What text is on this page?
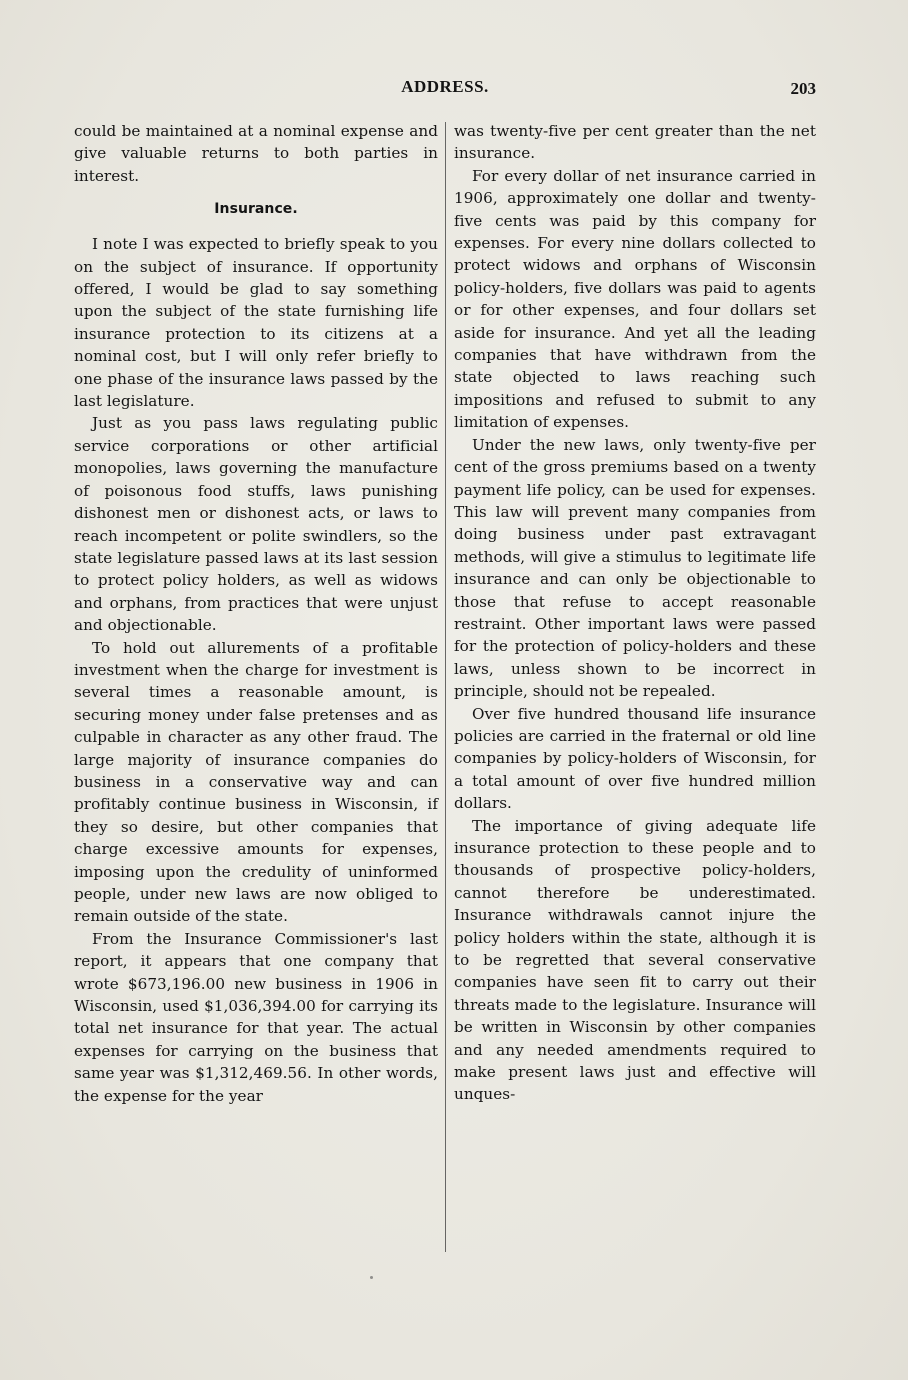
ADDRESS.	203

could be maintained at a nominal expense and give valuable returns to both parties in interest.

Insurance.

I note I was expected to briefly speak to you on the subject of insurance. If opportunity offered, I would be glad to say something upon the subject of the state furnishing life insurance protection to its citizens at a nominal cost, but I will only refer briefly to one phase of the insurance laws passed by the last legislature.

Just as you pass laws regulating public service corporations or other artificial monopolies, laws governing the manufacture of poisonous food stuffs, laws punishing dishonest men or dishonest acts, or laws to reach incompetent or polite swindlers, so the state legislature passed laws at its last session to protect policy holders, as well as widows and orphans, from practices that were unjust and objectionable.

To hold out allurements of a profitable investment when the charge for investment is several times a reasonable amount, is securing money under false pretenses and as culpable in character as any other fraud. The large majority of insurance companies do business in a conservative way and can profitably continue business in Wisconsin, if they so desire, but other companies that charge excessive amounts for expenses, imposing upon the credulity of uninformed people, under new laws are now obliged to remain outside of the state.

From the Insurance Commissioner's last report, it appears that one company that wrote $673,196.00 new business in 1906 in Wisconsin, used $1,036,394.00 for carrying its total net insurance for that year. The actual expenses for carrying on the business that same year was $1,312,469.56. In other words, the expense for the year

was twenty-five per cent greater than the net insurance.

For every dollar of net insurance carried in 1906, approximately one dollar and twenty-five cents was paid by this company for expenses. For every nine dollars collected to protect widows and orphans of Wisconsin policy-holders, five dollars was paid to agents or for other expenses, and four dollars set aside for insurance. And yet all the leading companies that have withdrawn from the state objected to laws reaching such impositions and refused to submit to any limitation of expenses.

Under the new laws, only twenty-five per cent of the gross premiums based on a twenty payment life policy, can be used for expenses. This law will prevent many companies from doing business under past extravagant methods, will give a stimulus to legitimate life insurance and can only be objectionable to those that refuse to accept reasonable restraint. Other important laws were passed for the protection of policy-holders and these laws, unless shown to be incorrect in principle, should not be repealed.

Over five hundred thousand life insurance policies are carried in the fraternal or old line companies by policy-holders of Wisconsin, for a total amount of over five hundred million dollars.

The importance of giving adequate life insurance protection to these people and to thousands of prospective policy-holders, cannot therefore be underestimated. Insurance withdrawals cannot injure the policy holders within the state, although it is to be regretted that several conservative companies have seen fit to carry out their threats made to the legislature. Insurance will be written in Wisconsin by other companies and any needed amendments required to make present laws just and effective will unques-
